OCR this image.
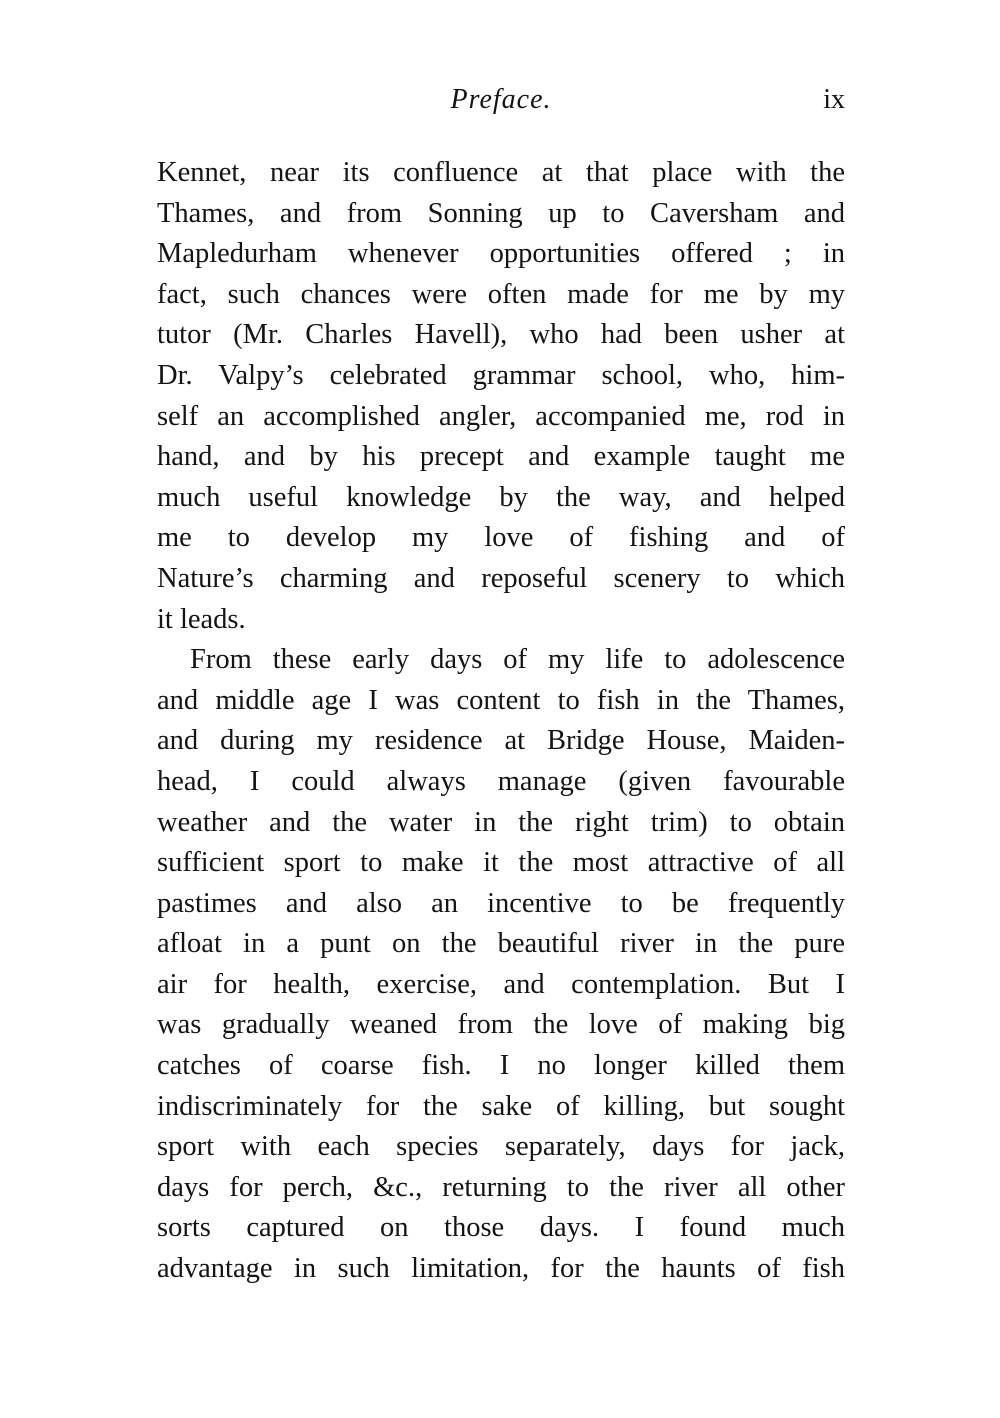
Preface.	ix
Kennet, near its confluence at that place with the
Thames, and from Sonning up to Caversham and
Mapledurham whenever opportunities offered ; in
fact, such chances were often made for me by my
tutor (Mr. Charles Havell), who had been usher at
Dr. Valpy’s celebrated grammar school, who, him-
self an accomplished angler, accompanied me, rod in
hand, and by his precept and example taught me
much useful knowledge by the way, and helped
me to develop my love of fishing and of
Nature’s charming and reposeful scenery to which
it leads.
From these early days of my life to adolescence
and middle age I was content to fish in the Thames,
and during my residence at Bridge House, Maiden-
head, I could always manage (given favourable
weather and the water in the right trim) to obtain
sufficient sport to make it the most attractive of all
pastimes and also an incentive to be frequently
afloat in a punt on the beautiful river in the pure
air for health, exercise, and contemplation. But I
was gradually weaned from the love of making big
catches of coarse fish. I no longer killed them
indiscriminately for the sake of killing, but sought
sport with each species separately, days for jack,
days for perch, &c., returning to the river all other
sorts captured on those days. I found much
advantage in such limitation, for the haunts of fish
